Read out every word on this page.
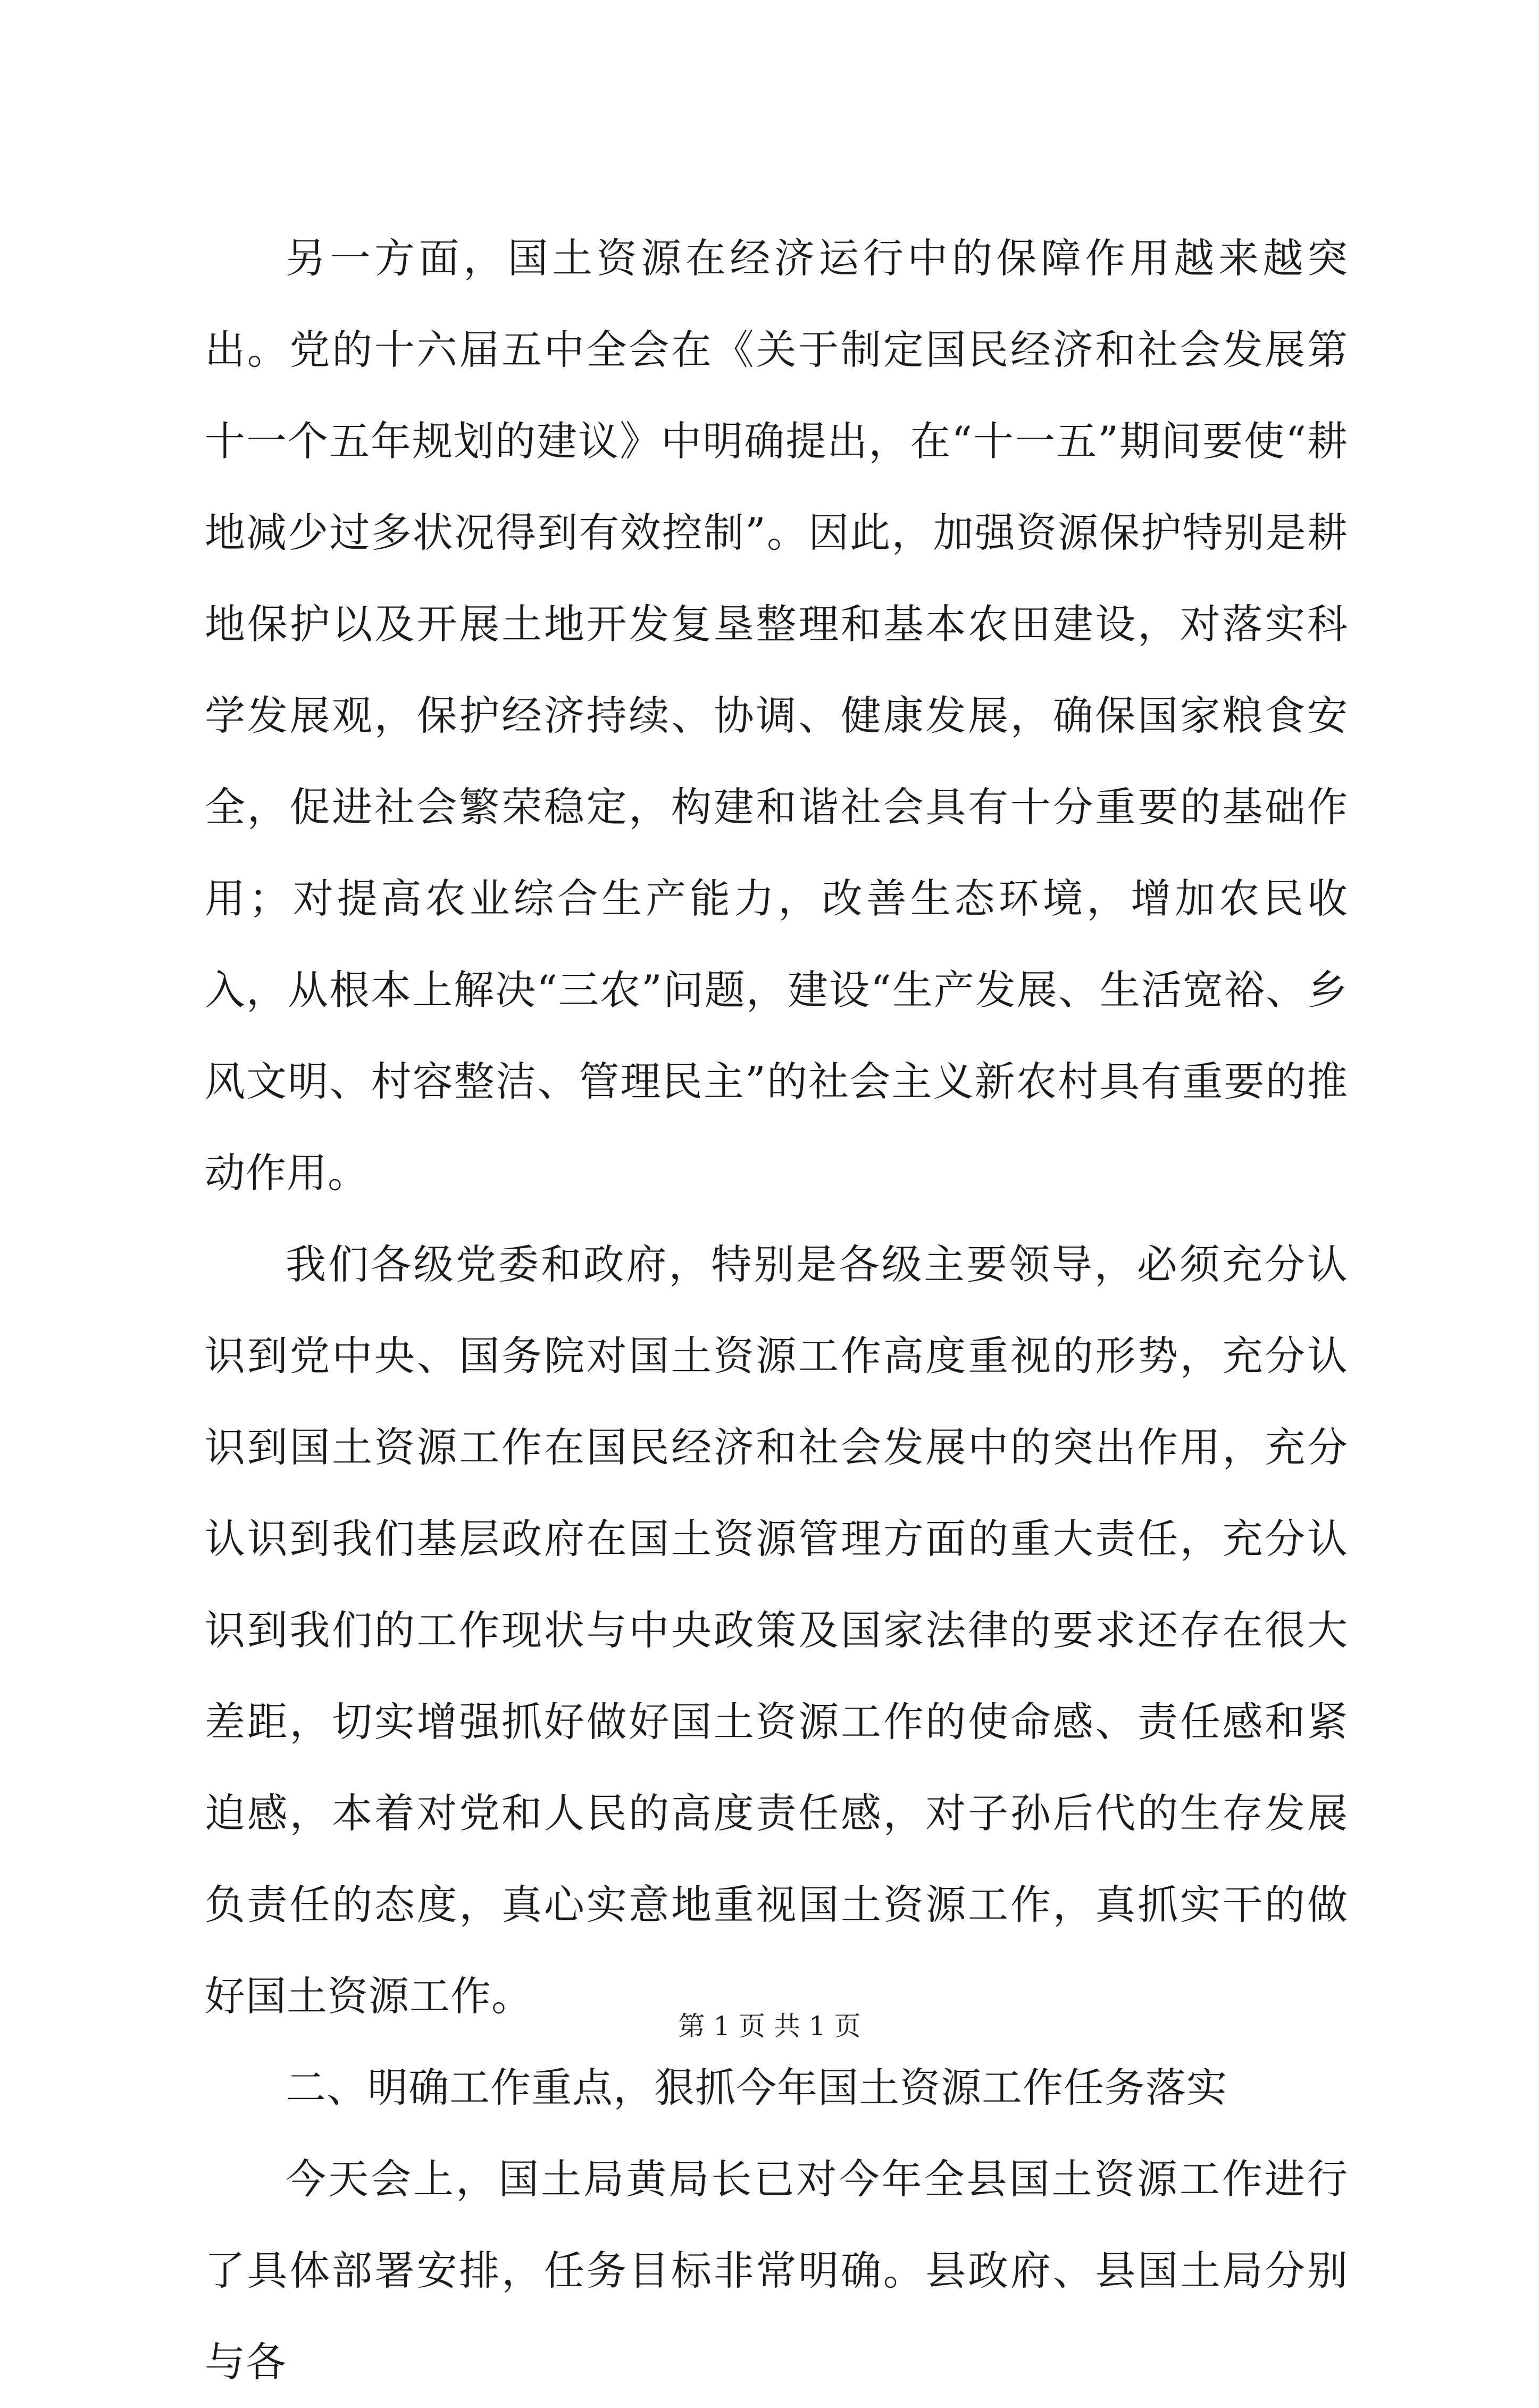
另一方面，国土资源在经济运行中的保障作用越来越突出。党的十六届五中全会在《关于制定国民经济和社会发展第十一个五年规划的建议》中明确提出，在“十一五”期间要使“耕地减少过多状况得到有效控制”。因此，加强资源保护特别是耕地保护以及开展土地开发复垦整理和基本农田建设，对落实科学发展观，保护经济持续、协调、健康发展，确保国家粮食安全，促进社会繁荣稳定，构建和谐社会具有十分重要的基础作用；对提高农业综合生产能力，改善生态环境，增加农民收入，从根本上解决“三农”问题，建设“生产发展、生活宽裕、乡风文明、村容整洁、管理民主”的社会主义新农村具有重要的推动作用。

我们各级党委和政府，特别是各级主要领导，必须充分认识到党中央、国务院对国土资源工作高度重视的形势，充分认识到国土资源工作在国民经济和社会发展中的突出作用，充分认识到我们基层政府在国土资源管理方面的重大责任，充分认识到我们的工作现状与中央政策及国家法律的要求还存在很大差距，切实增强抓好做好国土资源工作的使命感、责任感和紧迫感，本着对党和人民的高度责任感，对子孙后代的生存发展负责任的态度，真心实意地重视国土资源工作，真抓实干的做好国土资源工作。

二、明确工作重点，狠抓今年国土资源工作任务落实

今天会上，国土局黄局长已对今年全县国土资源工作进行了具体部署安排，任务目标非常明确。县政府、县国土局分别与各

第 1 页 共 1 页
